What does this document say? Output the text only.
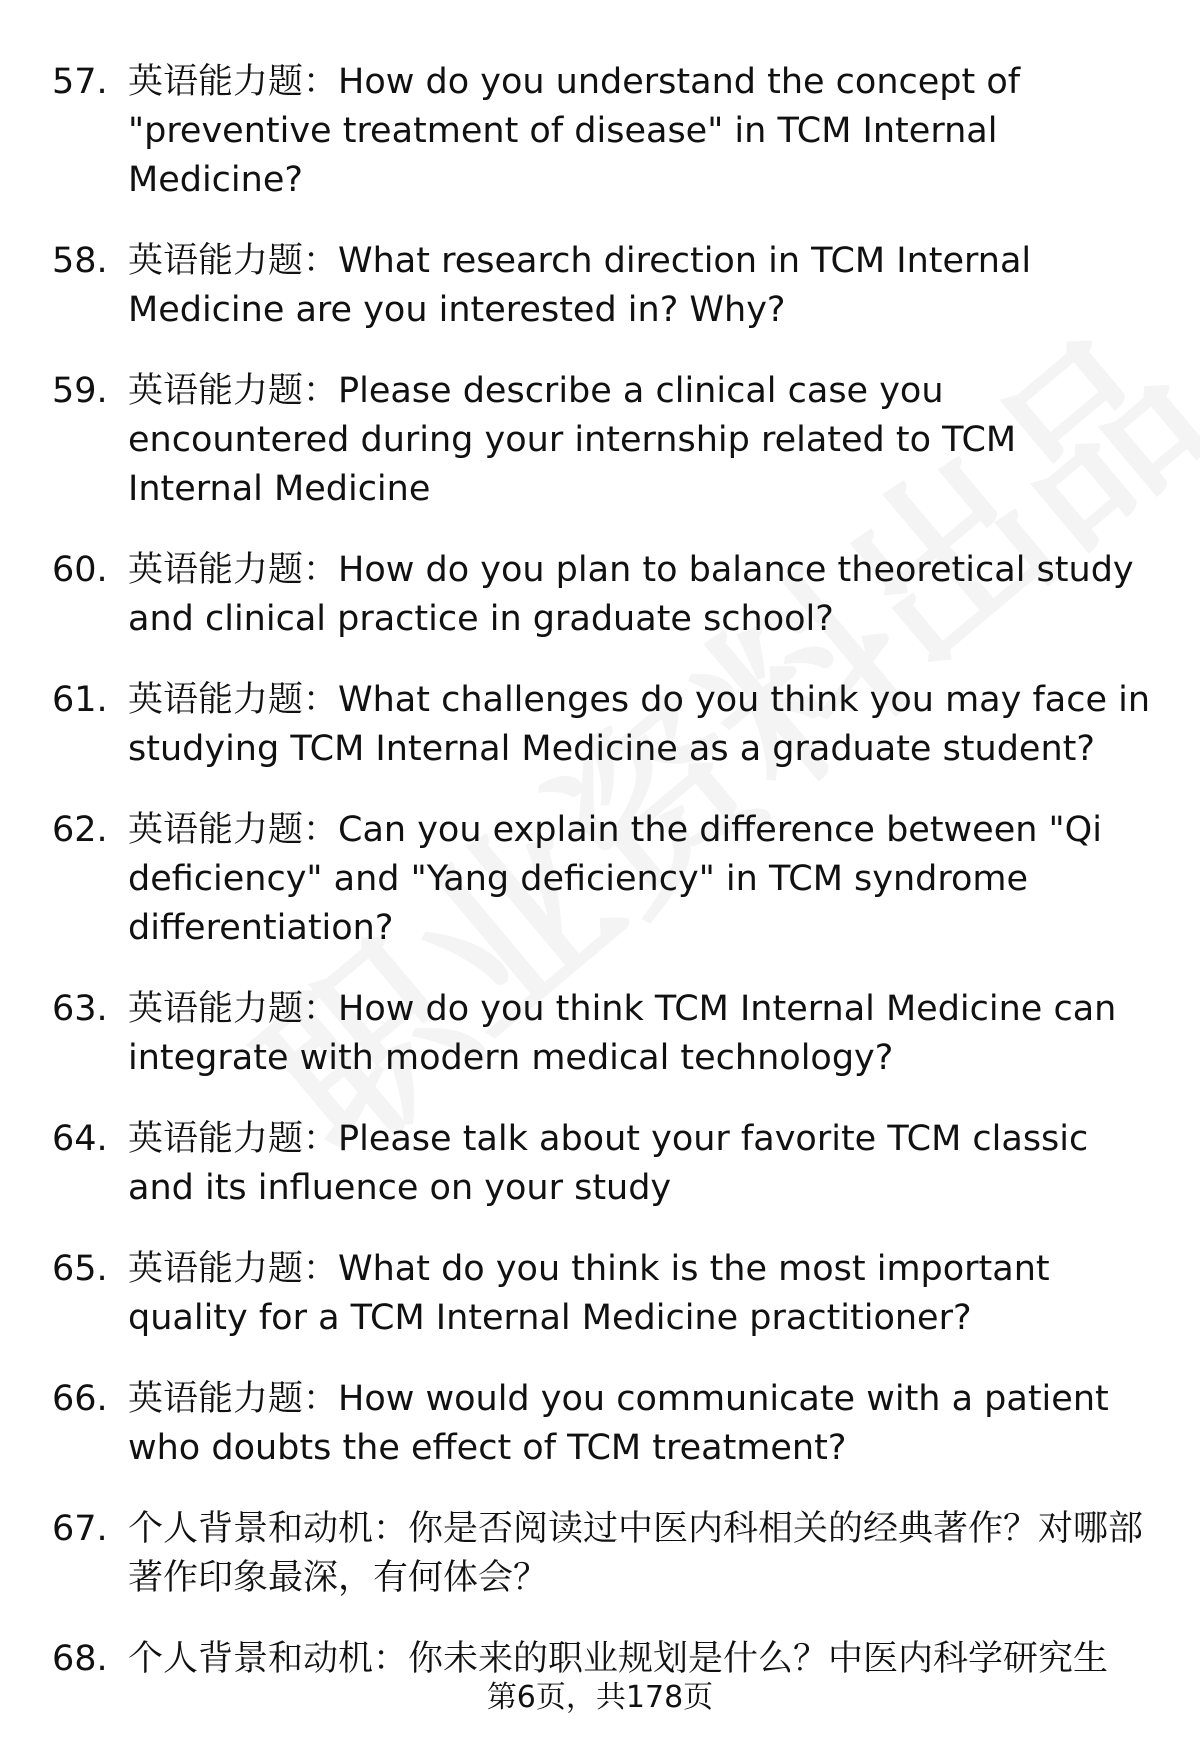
57. 英语能力题：How do you understand the concept of "preventive treatment of disease" in TCM Internal Medicine?
58. 英语能力题：What research direction in TCM Internal Medicine are you interested in? Why?
59. 英语能力题：Please describe a clinical case you encountered during your internship related to TCM Internal Medicine
60. 英语能力题：How do you plan to balance theoretical study and clinical practice in graduate school?
61. 英语能力题：What challenges do you think you may face in studying TCM Internal Medicine as a graduate student?
62. 英语能力题：Can you explain the difference between "Qi deficiency" and "Yang deficiency" in TCM syndrome differentiation?
63. 英语能力题：How do you think TCM Internal Medicine can integrate with modern medical technology?
64. 英语能力题：Please talk about your favorite TCM classic and its influence on your study
65. 英语能力题：What do you think is the most important quality for a TCM Internal Medicine practitioner?
66. 英语能力题：How would you communicate with a patient who doubts the effect of TCM treatment?
67. 个人背景和动机：你是否阅读过中医内科相关的经典著作？对哪部著作印象最深，有何体会？
68. 个人背景和动机：你未来的职业规划是什么？中医内科学研究生
第6页，共178页
